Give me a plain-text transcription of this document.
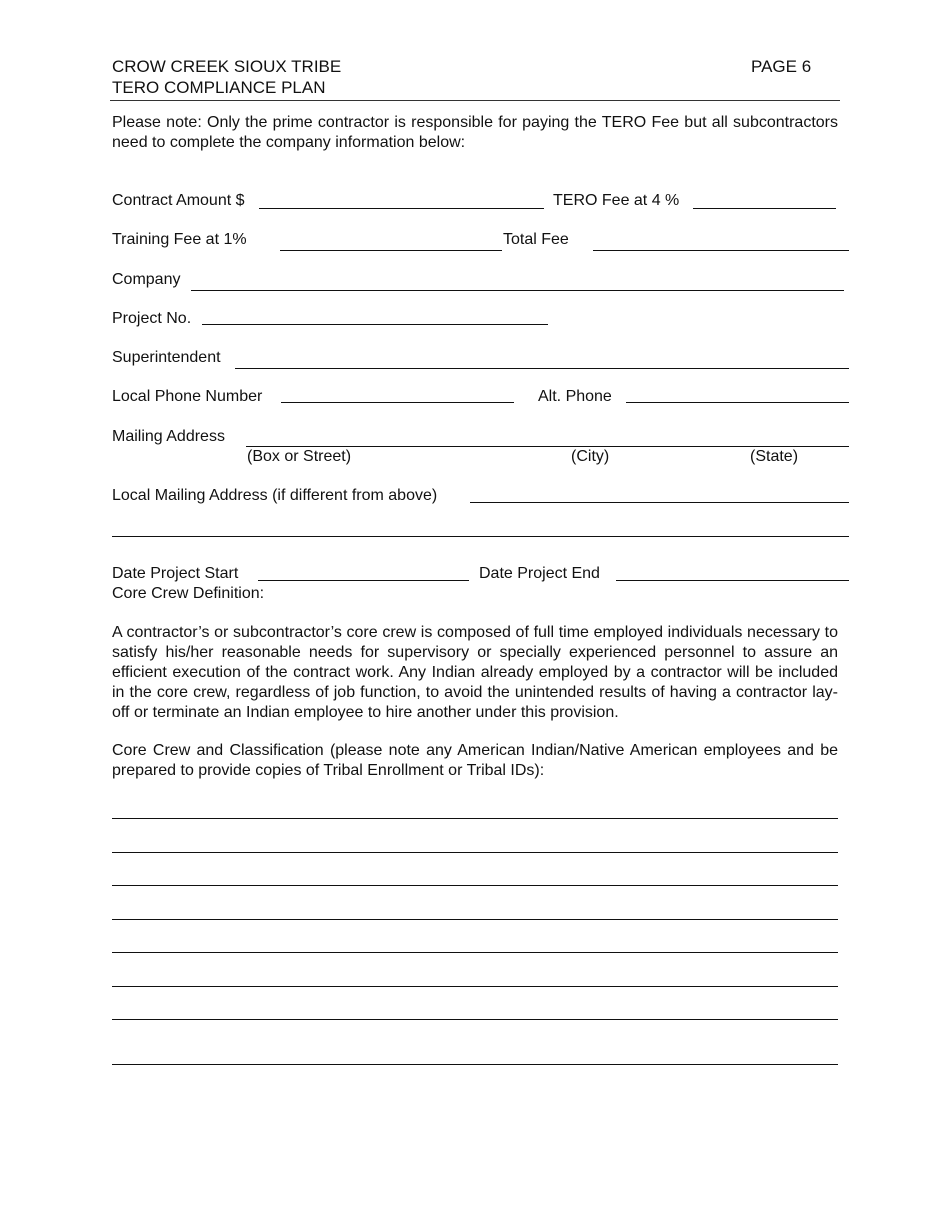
CROW CREEK SIOUX TRIBE
TERO COMPLIANCE PLAN
PAGE 6
Please note: Only the prime contractor is responsible for paying the TERO Fee but all subcontractors need to complete the company information below:
Contract Amount $	TERO Fee at 4 %
Training Fee at 1%	Total Fee
Company
Project No.
Superintendent
Local Phone Number	Alt. Phone
Mailing Address
(Box or Street)	(City)	(State)
Local Mailing Address (if different from above)
Date Project Start	Date Project End
Core Crew Definition:
A contractor’s or subcontractor’s core crew is composed of full time employed individuals necessary to satisfy his/her reasonable needs for supervisory or specially experienced personnel to assure an efficient execution of the contract work. Any Indian already employed by a contractor will be included in the core crew, regardless of job function, to avoid the unintended results of having a contractor lay-off or terminate an Indian employee to hire another under this provision.
Core Crew and Classification (please note any American Indian/Native American employees and be prepared to provide copies of Tribal Enrollment or Tribal IDs):
